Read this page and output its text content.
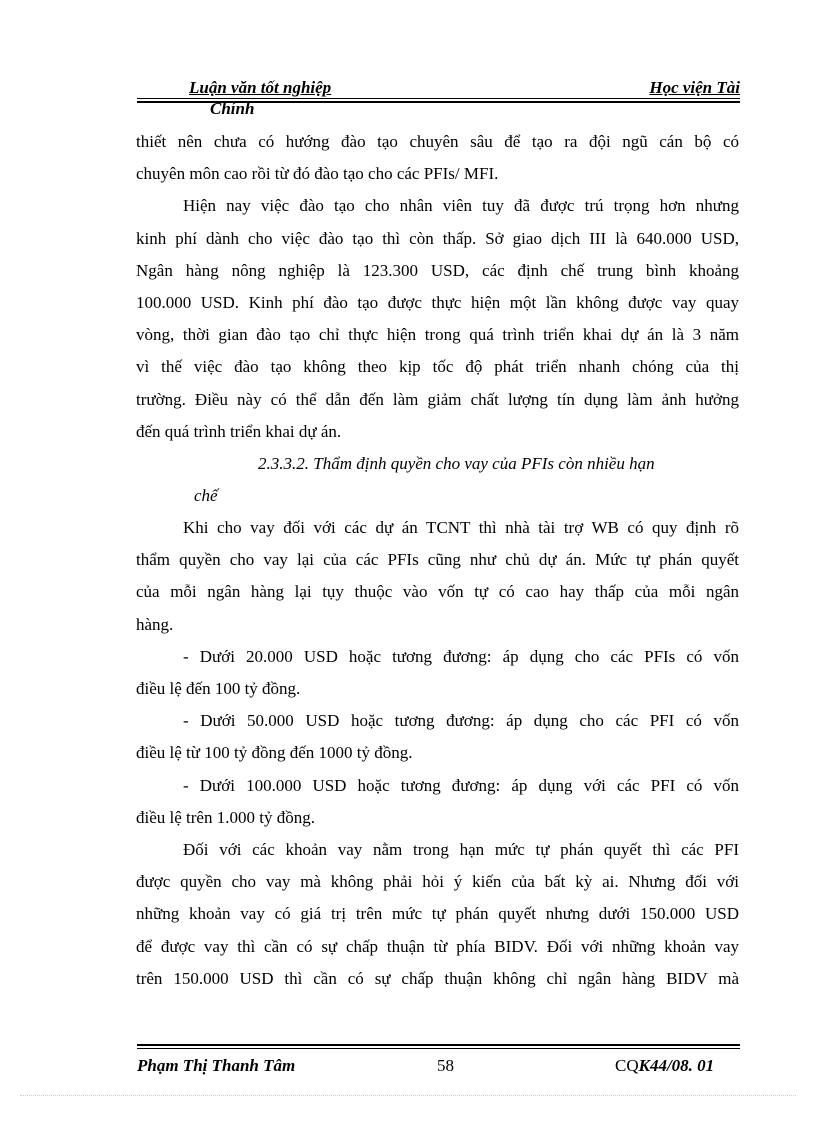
Luận văn tốt nghiệp	Học viện Tài
Chính

thiết nên chưa có hướng đào tạo chuyên sâu để tạo ra đội ngũ cán bộ có

chuyên môn cao rồi từ đó đào tạo cho các PFIs/ MFI.

Hiện nay việc đào tạo cho nhân viên tuy đã được trú trọng hơn nhưng

kinh phí dành cho việc đào tạo thì còn thấp. Sở giao dịch III là 640.000 USD,

Ngân hàng nông nghiệp là 123.300 USD, các định chế trung bình khoảng

100.000 USD. Kinh phí đào tạo được thực hiện một lần không được vay quay

vòng, thời gian đào tạo chỉ thực hiện trong quá trình triển khai dự án là 3 năm

vì thế việc đào tạo không theo kịp tốc độ phát triển nhanh chóng của thị

trường. Điều này có thể dẫn đến làm giảm chất lượng tín dụng làm ảnh hưởng

đến quá trình triển khai dự án.

2.3.3.2. Thẩm định quyền cho vay của PFIs còn nhiều hạn

chế

Khi cho vay đối với các dự án TCNT thì nhà tài trợ WB có quy định rõ

thẩm quyền cho vay lại của các PFIs cũng như chủ dự án. Mức tự phán quyết

của mỗi ngân hàng lại tụy thuộc vào vốn tự có cao hay thấp của mỗi ngân

hàng.

- Dưới 20.000 USD hoặc tương đương: áp dụng cho các PFIs có vốn

điều lệ đến 100 tỷ đồng.

- Dưới 50.000 USD hoặc tương đương: áp dụng cho các PFI có vốn

điều lệ từ 100 tỷ đồng đến 1000 tỷ đồng.

- Dưới 100.000 USD hoặc tương đương: áp dụng với các PFI có vốn

điều lệ trên 1.000 tỷ đồng.

Đối với các khoản vay nằm trong hạn mức tự phán quyết thì các PFI

được quyền cho vay mà không phải hỏi ý kiến của bất kỳ ai. Nhưng đối với

những khoản vay có giá trị trên mức tự phán quyết nhưng dưới 150.000 USD

để được vay thì cần có sự chấp thuận từ phía BIDV. Đối với những khoản vay

trên 150.000 USD thì cần có sự chấp thuận không chỉ ngân hàng BIDV mà

Phạm Thị Thanh Tâm	58	CQK44/08. 01
